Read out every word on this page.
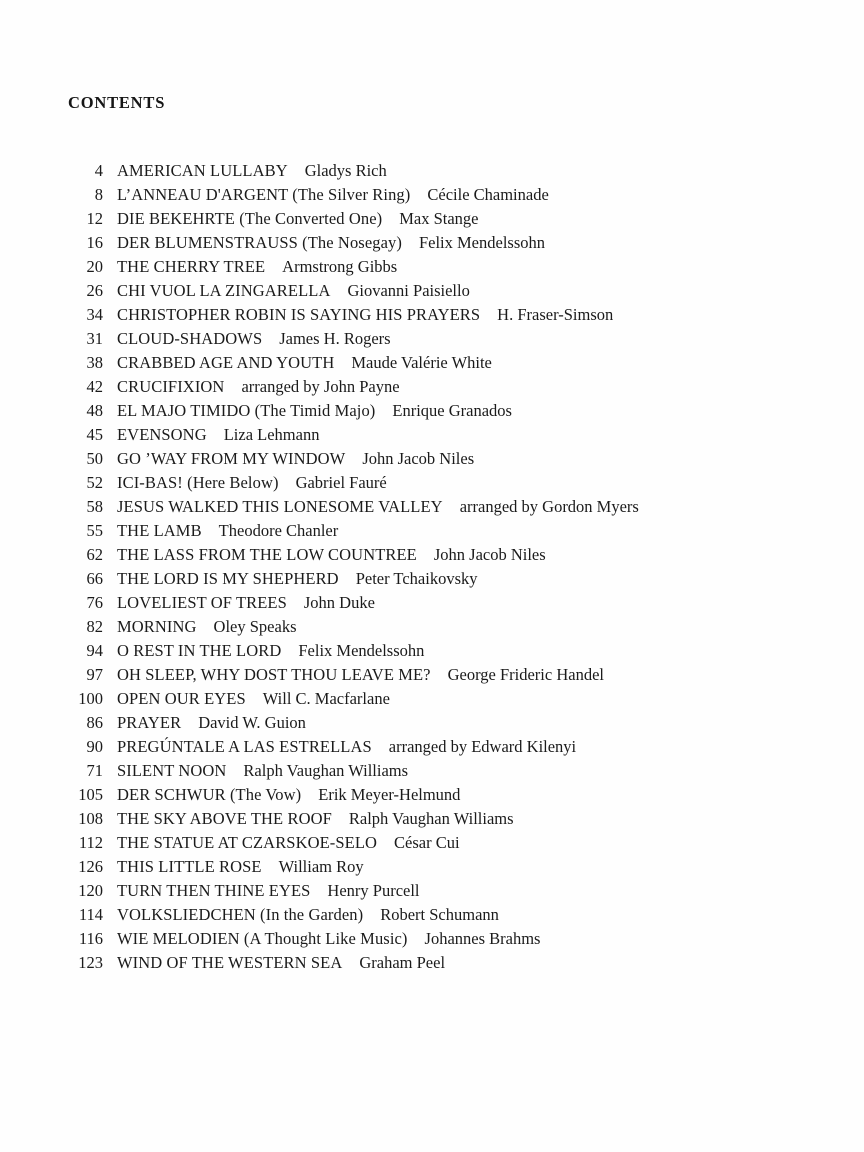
CONTENTS
4 AMERICAN LULLABY Gladys Rich
8 L’ANNEAU D'ARGENT (The Silver Ring) Cécile Chaminade
12 DIE BEKEHRTE (The Converted One) Max Stange
16 DER BLUMENSTRAUSS (The Nosegay) Felix Mendelssohn
20 THE CHERRY TREE Armstrong Gibbs
26 CHI VUOL LA ZINGARELLA Giovanni Paisiello
34 CHRISTOPHER ROBIN IS SAYING HIS PRAYERS H. Fraser-Simson
31 CLOUD-SHADOWS James H. Rogers
38 CRABBED AGE AND YOUTH Maude Valérie White
42 CRUCIFIXION arranged by John Payne
48 EL MAJO TIMIDO (The Timid Majo) Enrique Granados
45 EVENSONG Liza Lehmann
50 GO ’WAY FROM MY WINDOW John Jacob Niles
52 ICI-BAS! (Here Below) Gabriel Fauré
58 JESUS WALKED THIS LONESOME VALLEY arranged by Gordon Myers
55 THE LAMB Theodore Chanler
62 THE LASS FROM THE LOW COUNTREE John Jacob Niles
66 THE LORD IS MY SHEPHERD Peter Tchaikovsky
76 LOVELIEST OF TREES John Duke
82 MORNING Oley Speaks
94 O REST IN THE LORD Felix Mendelssohn
97 OH SLEEP, WHY DOST THOU LEAVE ME? George Frideric Handel
100 OPEN OUR EYES Will C. Macfarlane
86 PRAYER David W. Guion
90 PREGÚNTALE A LAS ESTRELLAS arranged by Edward Kilenyi
71 SILENT NOON Ralph Vaughan Williams
105 DER SCHWUR (The Vow) Erik Meyer-Helmund
108 THE SKY ABOVE THE ROOF Ralph Vaughan Williams
112 THE STATUE AT CZARSKOE-SELO César Cui
126 THIS LITTLE ROSE William Roy
120 TURN THEN THINE EYES Henry Purcell
114 VOLKSLIEDCHEN (In the Garden) Robert Schumann
116 WIE MELODIEN (A Thought Like Music) Johannes Brahms
123 WIND OF THE WESTERN SEA Graham Peel
